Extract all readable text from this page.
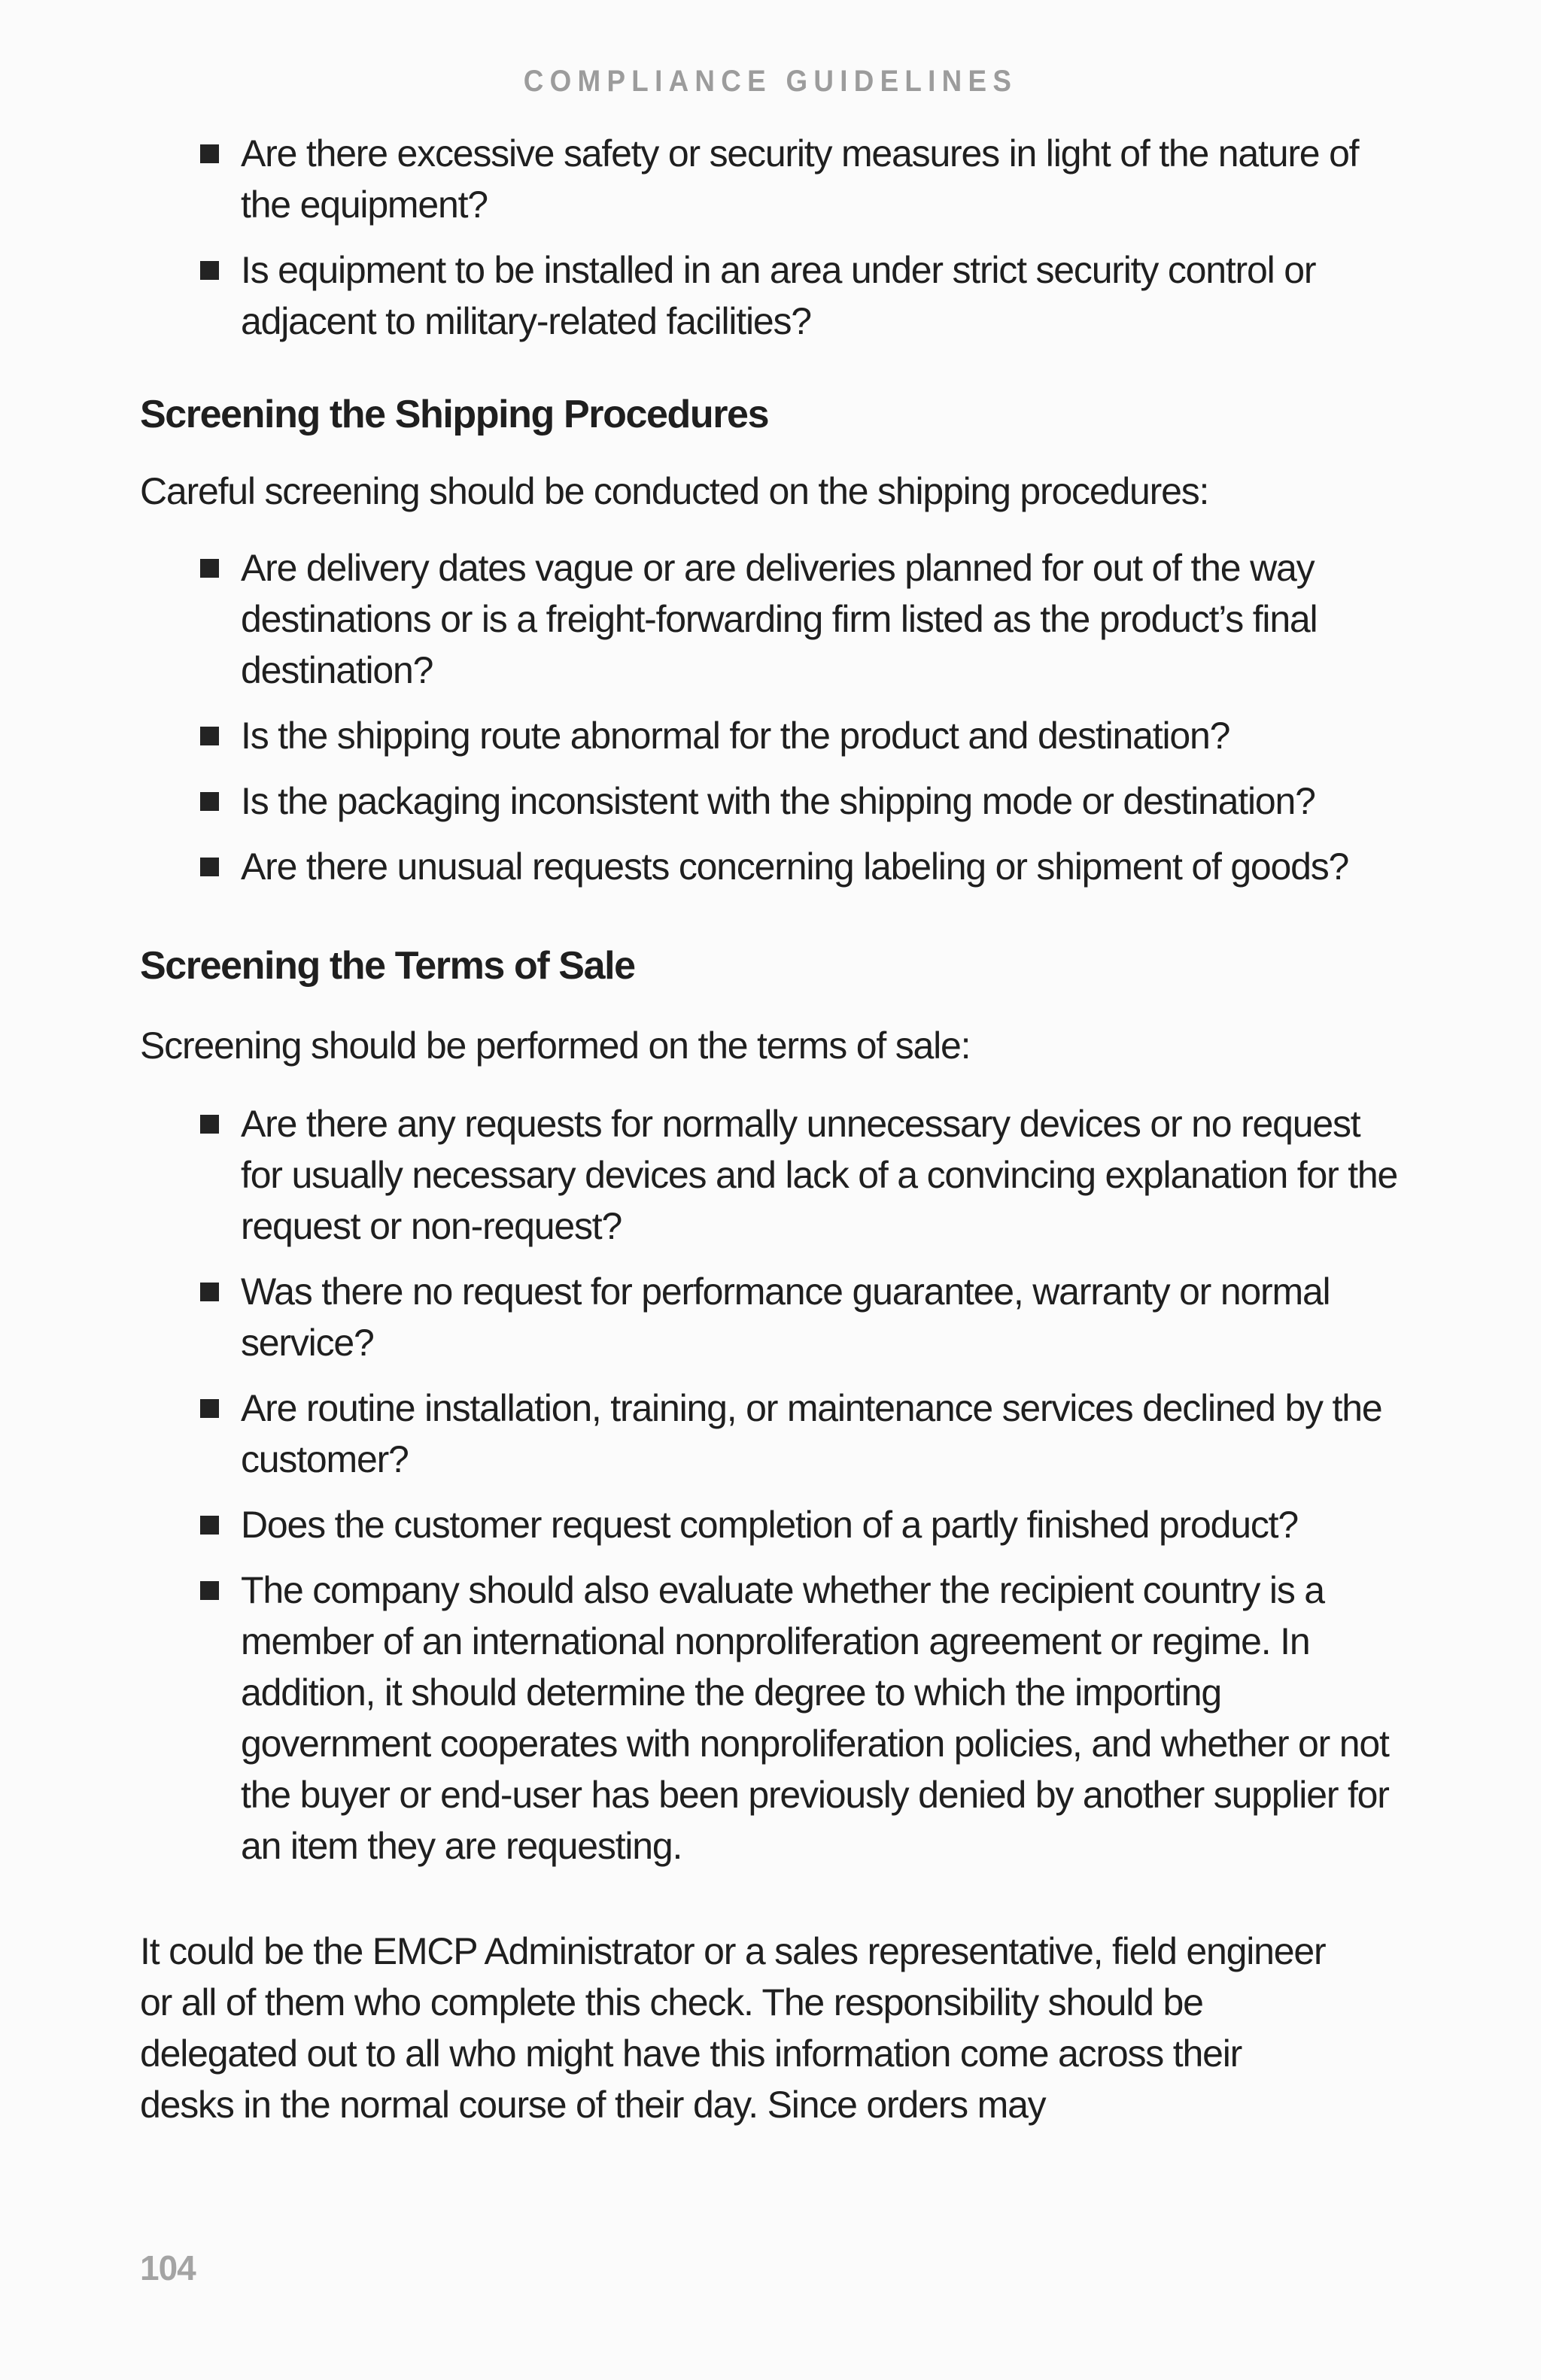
COMPLIANCE GUIDELINES
Are there excessive safety or security measures in light of the nature of the equipment?
Is equipment to be installed in an area under strict security control or adjacent to military-related facilities?
Screening the Shipping Procedures

Careful screening should be conducted on the shipping procedures:

Are delivery dates vague or are deliveries planned for out of the way destinations or is a freight-forwarding firm listed as the product’s final destination?
Is the shipping route abnormal for the product and destination?
Is the packaging inconsistent with the shipping mode or destination?
Are there unusual requests concerning labeling or shipment of goods?
Screening the Terms of Sale

Screening should be performed on the terms of sale:

Are there any requests for normally unnecessary devices or no request for usually necessary devices and lack of a convincing explanation for the request or non-request?
Was there no request for performance guarantee, warranty or normal service?
Are routine installation, training, or maintenance services declined by the customer?
Does the customer request completion of a partly finished product?
The company should also evaluate whether the recipient country is a member of an international nonproliferation agreement or regime. In addition, it should determine the degree to which the importing government cooperates with nonproliferation policies, and whether or not the buyer or end-user has been previously denied by another supplier for an item they are requesting.

It could be the EMCP Administrator or a sales representative, field engineer or all of them who complete this check. The responsibility should be delegated out to all who might have this information come across their desks in the normal course of their day. Since orders may

104
